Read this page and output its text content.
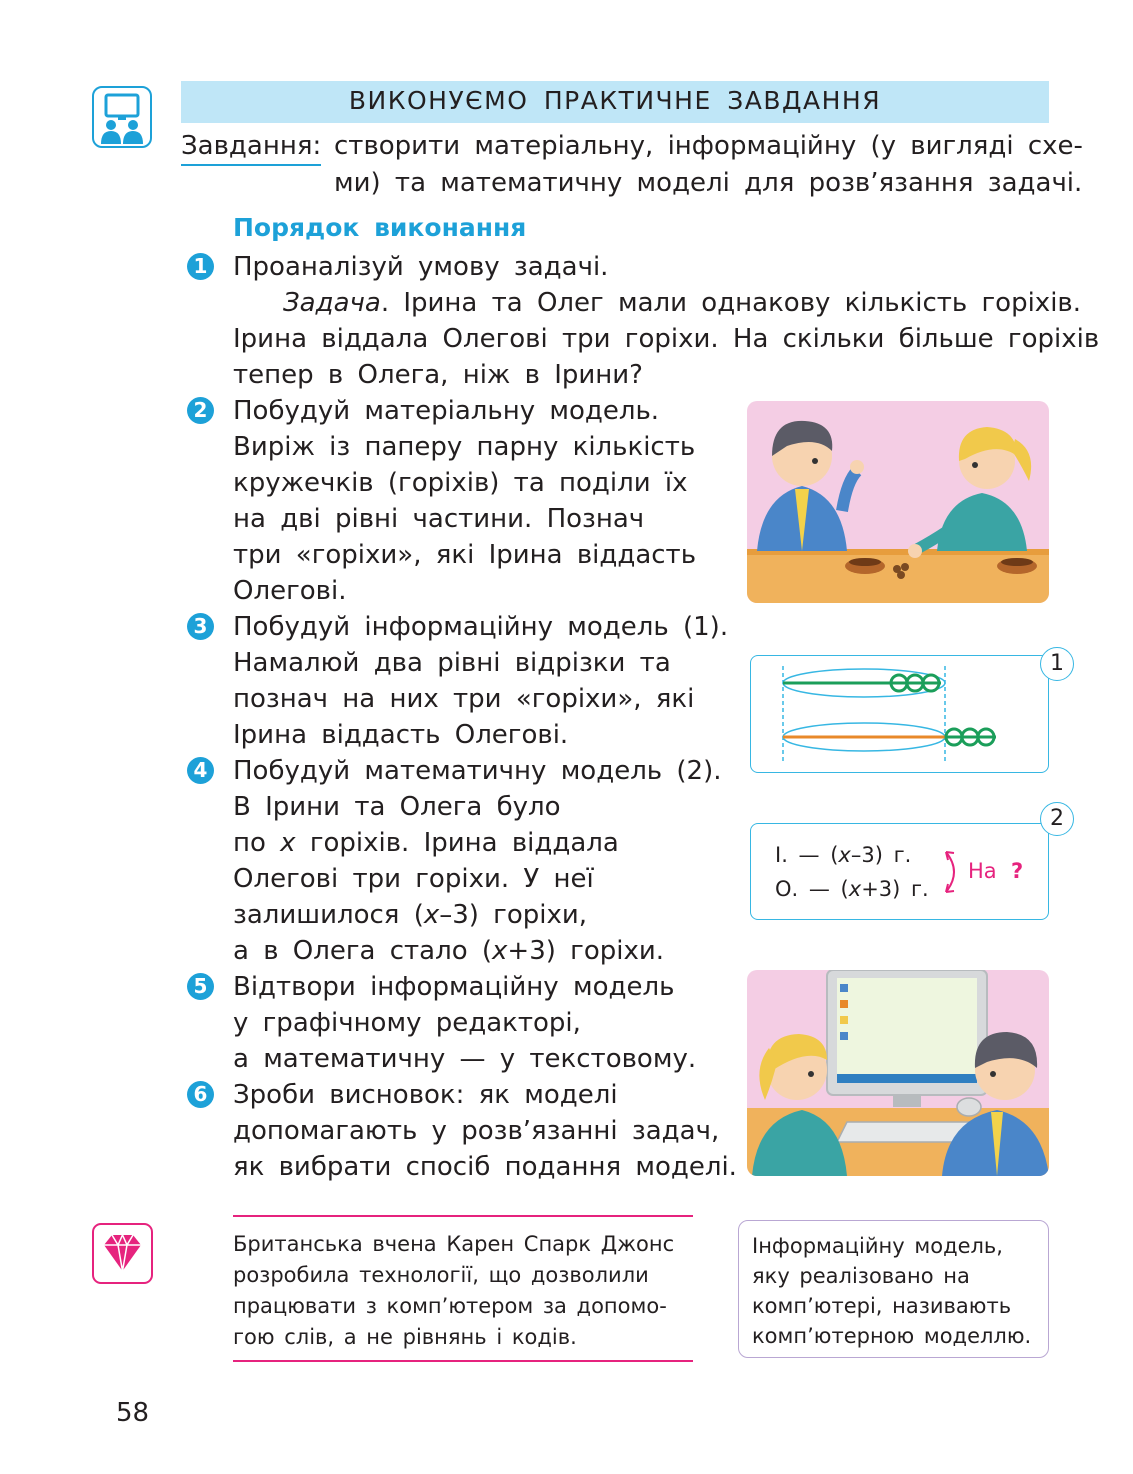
ВИКОНУЄМО ПРАКТИЧНЕ ЗАВДАННЯ
Завдання: створити матеріальну, інформаційну (у вигляді схе-
ми) та математичну моделі для розв’язання задачі.
Порядок виконання
1 Проаналізуй умову задачі.
Задача. Ірина та Олег мали однакову кількість горіхів.
Ірина віддала Олегові три горіхи. На скільки більше горіхів
тепер в Олега, ніж в Ірини?
2 Побудуй матеріальну модель.
Виріж із паперу парну кількість
кружечків (горіхів) та поділи їх
на дві рівні частини. Познач
три «горіхи», які Ірина віддасть
Олегові.
3 Побудуй інформаційну модель (1).
Намалюй два рівні відрізки та
познач на них три «горіхи», які
Ірина віддасть Олегові.
4 Побудуй математичну модель (2).
В Ірини та Олега було
по x горіхів. Ірина віддала
Олегові три горіхи. У неї
залишилося (x–3) горіхи,
а в Олега стало (x+3) горіхи.
5 Відтвори інформаційну модель
у графічному редакторі,
а математичну — у текстовому.
6 Зроби висновок: як моделі
допомагають у розв’язанні задач,
як вибрати спосіб подання моделі.
1
2
І. — (x–3) г.
О. — (x+3) г.
На ?
Британська вчена Карен Спарк Джонс
розробила технології, що дозволили
працювати з комп’ютером за допомо-
гою слів, а не рівнянь і кодів.
Інформаційну модель,
яку реалізовано на
комп’ютері, називають
комп’ютерною моделлю.
58
